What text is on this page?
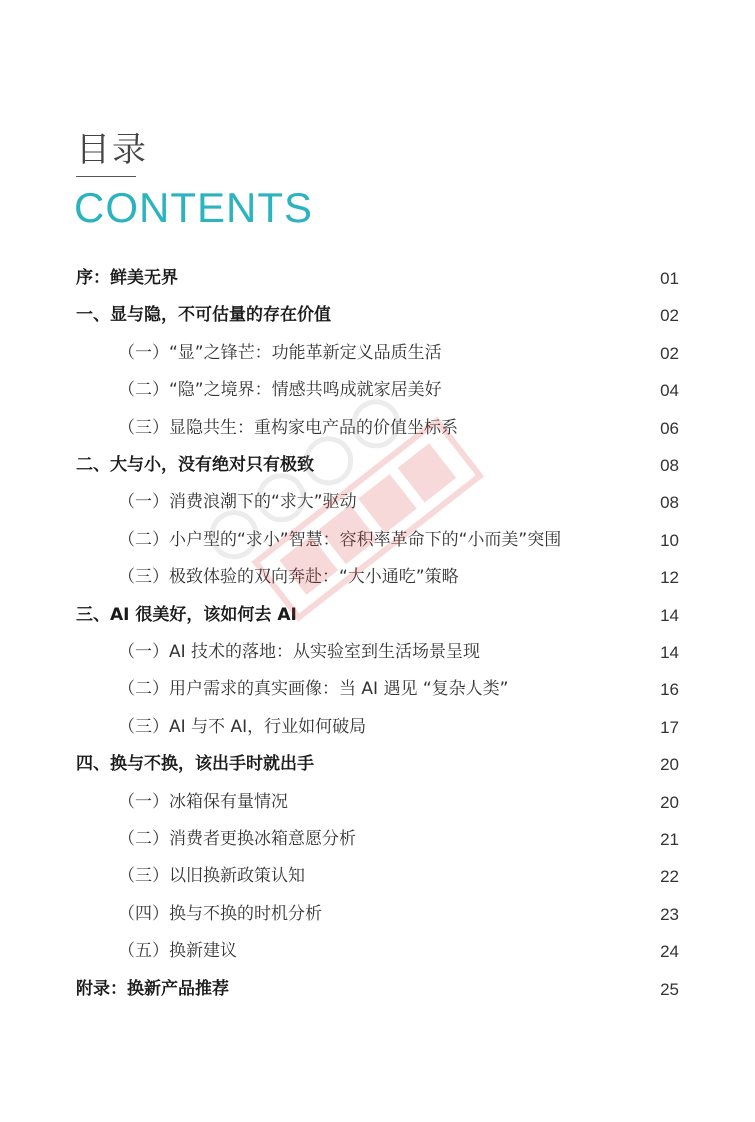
目录
CONTENTS
序：鲜美无界	01
一、显与隐，不可估量的存在价值	02
（一）“显”之锋芒：功能革新定义品质生活	02
（二）“隐”之境界：情感共鸣成就家居美好	04
（三）显隐共生：重构家电产品的价值坐标系	06
二、大与小，没有绝对只有极致	08
（一）消费浪潮下的“求大”驱动	08
（二）小户型的“求小”智慧：容积率革命下的“小而美”突围	10
（三）极致体验的双向奔赴：“大小通吃”策略	12
三、AI 很美好，该如何去 AI	14
（一）AI 技术的落地：从实验室到生活场景呈现	14
（二）用户需求的真实画像：当 AI 遇见 “复杂人类”	16
（三）AI 与不 AI，行业如何破局	17
四、换与不换，该出手时就出手	20
（一）冰箱保有量情况	20
（二）消费者更换冰箱意愿分析	21
（三）以旧换新政策认知	22
（四）换与不换的时机分析	23
（五）换新建议	24
附录：换新产品推荐	25
